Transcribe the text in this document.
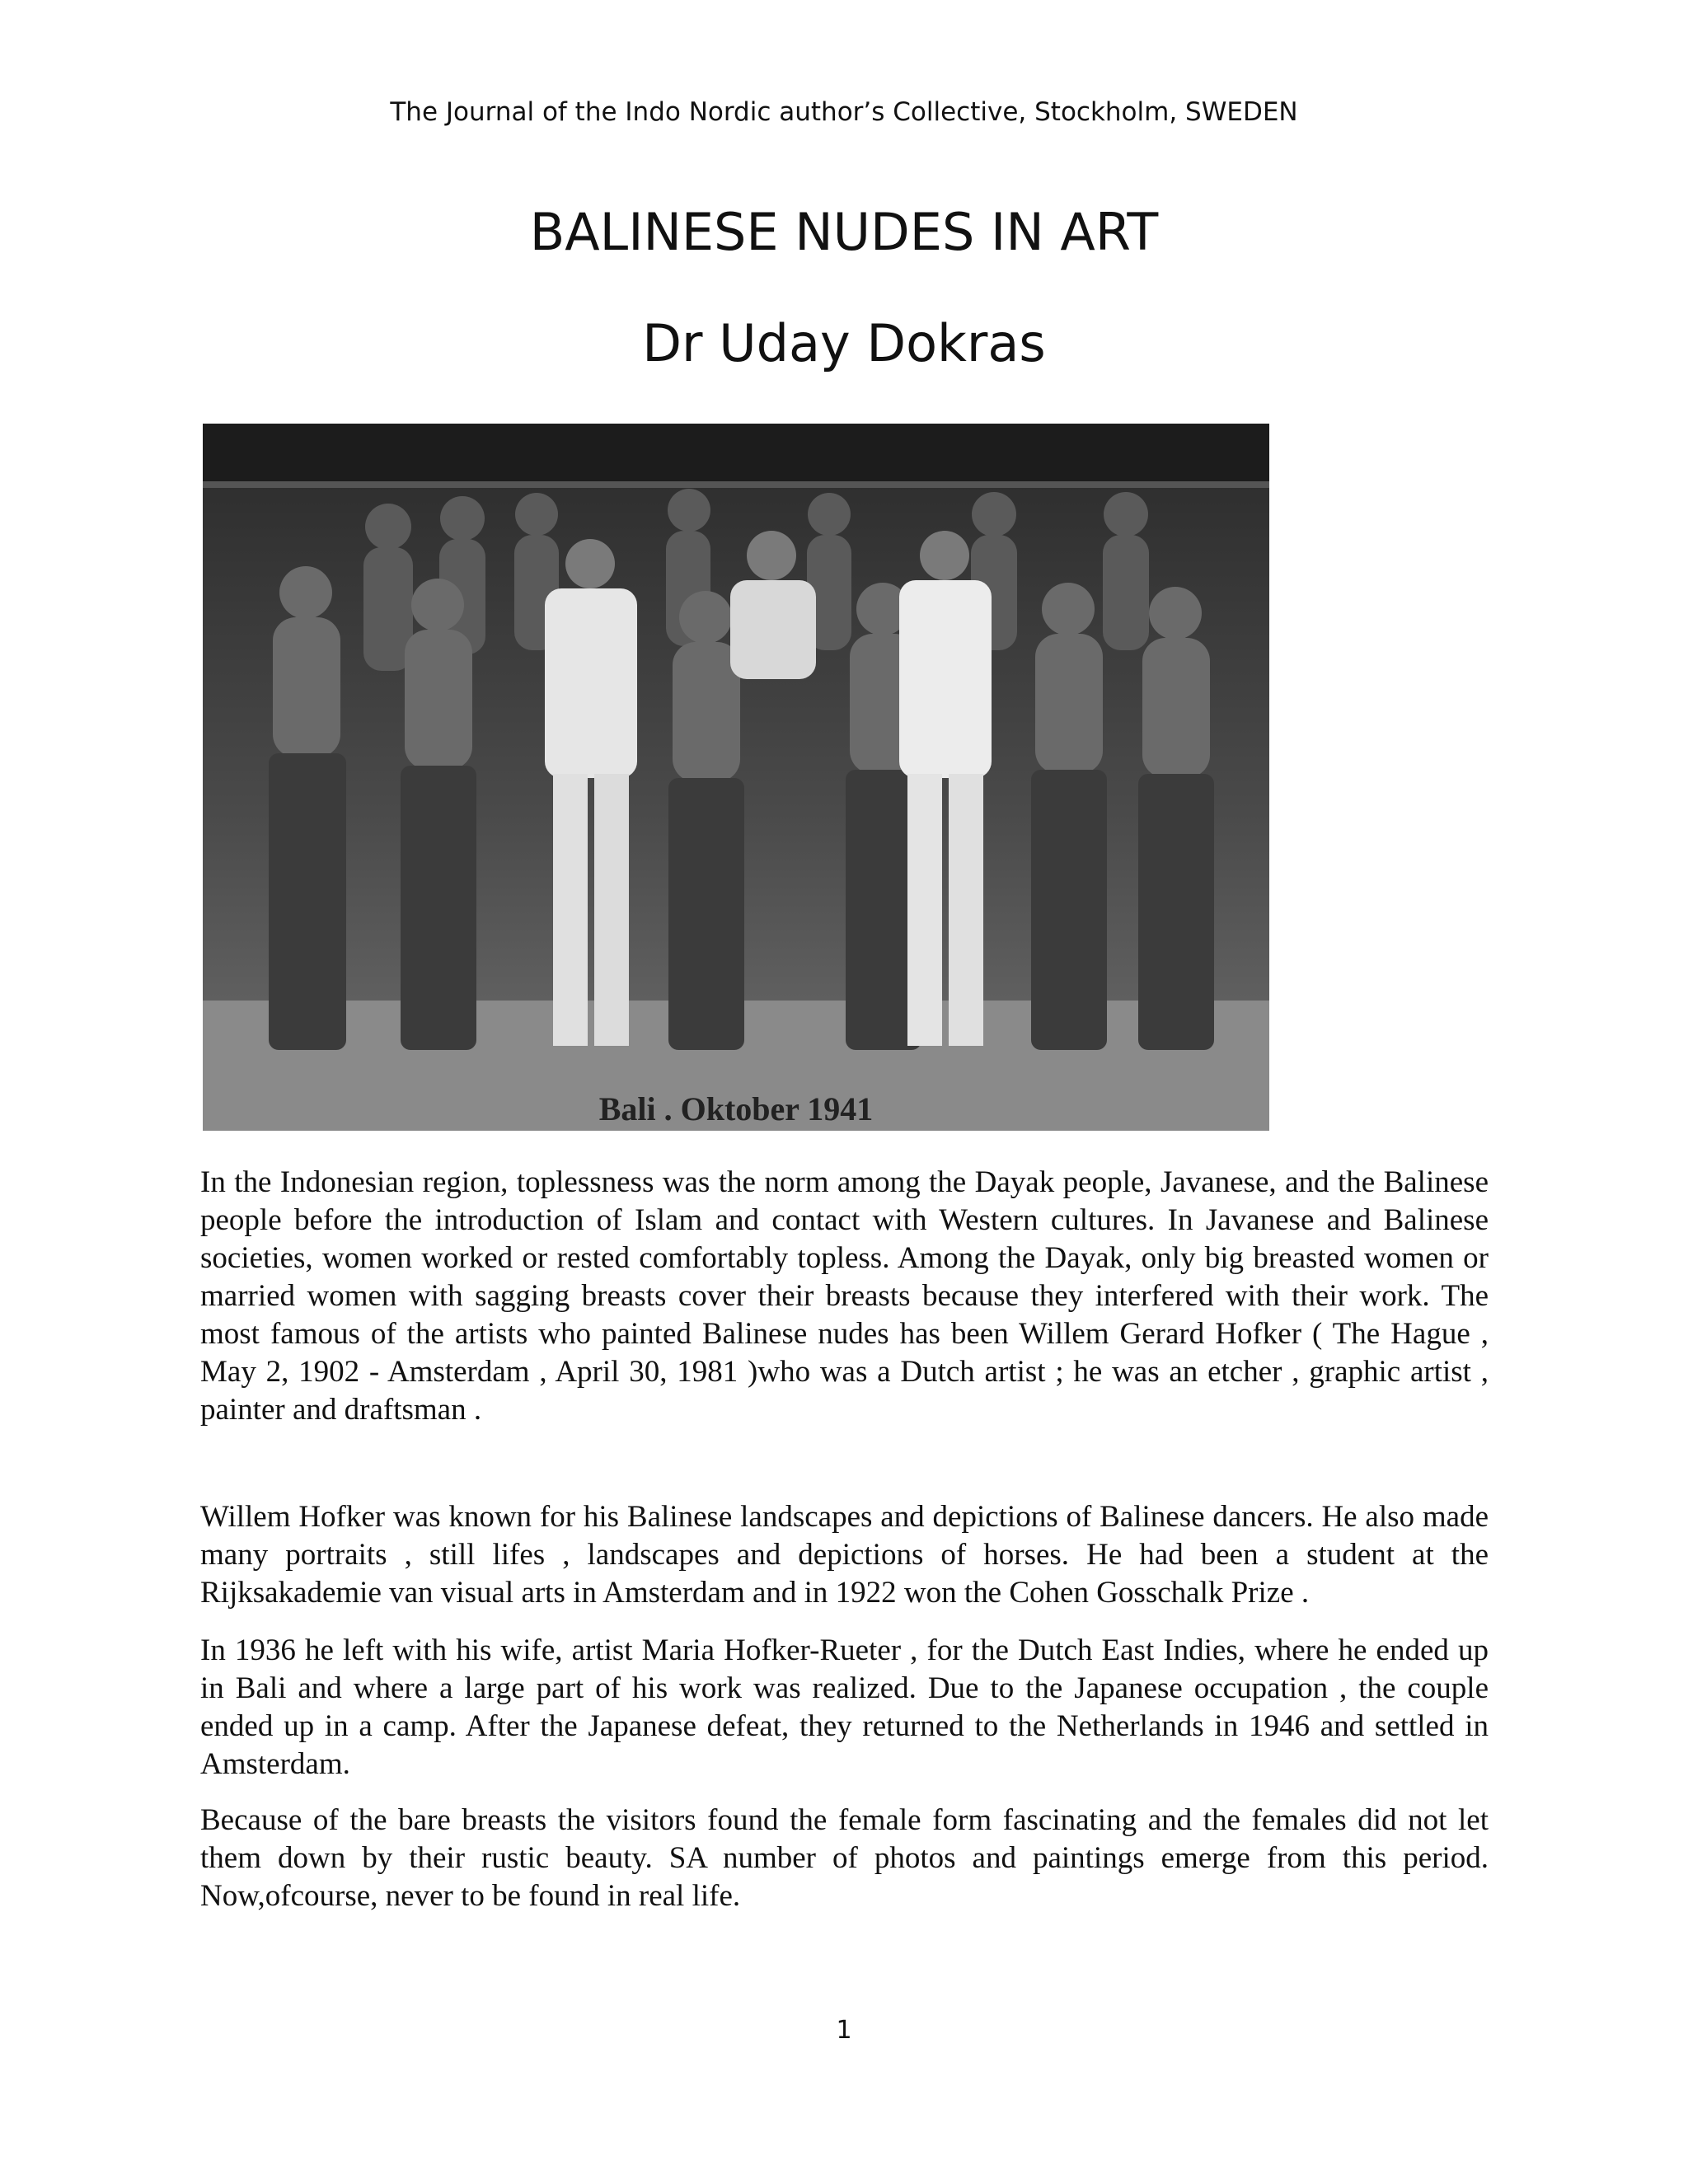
The Journal of the Indo Nordic author’s Collective, Stockholm, SWEDEN
BALINESE NUDES IN ART
Dr Uday Dokras
Bali . Oktober 1941

In the Indonesian region, toplessness was the norm among the Dayak people, Javanese, and the Balinese people before the introduction of Islam and contact with Western cultures. In Javanese and Balinese societies, women worked or rested comfortably topless. Among the Dayak, only big breasted women or married women with sagging breasts cover their breasts because they interfered with their work. The most famous of the artists who painted Balinese nudes has been Willem Gerard Hofker ( The Hague , May 2, 1902 - Amsterdam , April 30, 1981 )who was a Dutch artist ; he was an etcher , graphic artist , painter and draftsman .

Willem Hofker was known for his Balinese landscapes and depictions of Balinese dancers. He also made many portraits , still lifes , landscapes and depictions of horses. He had been a student at the Rijksakademie van visual arts in Amsterdam and in 1922 won the Cohen Gosschalk Prize .

In 1936 he left with his wife, artist Maria Hofker-Rueter , for the Dutch East Indies, where he ended up in Bali and where a large part of his work was realized. Due to the Japanese occupation , the couple ended up in a camp. After the Japanese defeat, they returned to the Netherlands in 1946 and settled in Amsterdam.

Because of the bare breasts the visitors found the female form fascinating and the females did not let them down by their rustic beauty. SA number of photos and paintings emerge from this period. Now,ofcourse, never to be found in real life.

1
